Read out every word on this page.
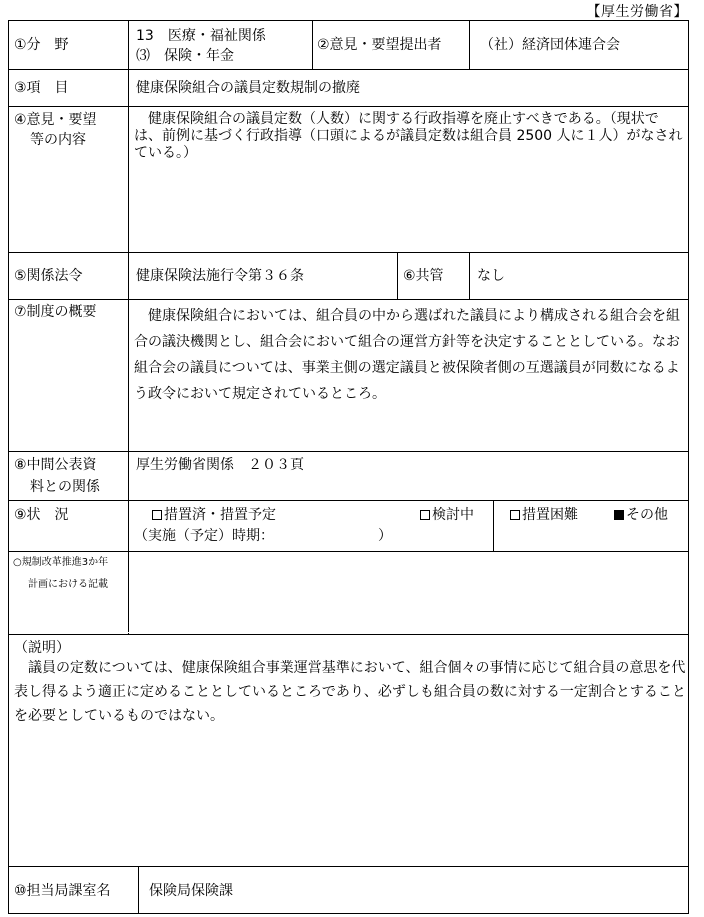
【厚生労働省】
①分　野
13　医療・福祉関係
⑶　保険・年金
②意見・要望提出者	（社）経済団体連合会
③項　目	健康保険組合の議員定数規制の撤廃
④意見・要望
等の内容
　健康保険組合の議員定数（人数）に関する行政指導を廃止すべきである。（現状では、前例に基づく行政指導（口頭によるが議員定数は組合員 2500 人に１人）がなされている。）
⑤関係法令	健康保険法施行令第３６条	⑥共管 なし
⑦制度の概要	　健康保険組合においては、組合員の中から選ばれた議員により構成される組合会を組合の議決機関とし、組合会において組合の運営方針等を決定することとしている。なお組合会の議員については、事業主側の選定議員と被保険者側の互選議員が同数になるよう政令において規定されているところ。
⑧中間公表資
料との関係
厚生労働省関係　２０３頁
⑨状　況	措置済・措置予定	検討中	措置困難	その他
（実施（予定）時期：	）
○規制改革推進3か年
計画における記載
（説明）
　議員の定数については、健康保険組合事業運営基準において、組合個々の事情に応じて組合員の意思を代表し得るよう適正に定めることとしているところであり、必ずしも組合員の数に対する一定割合とすることを必要としているものではない。
⑩担当局課室名	保険局保険課
